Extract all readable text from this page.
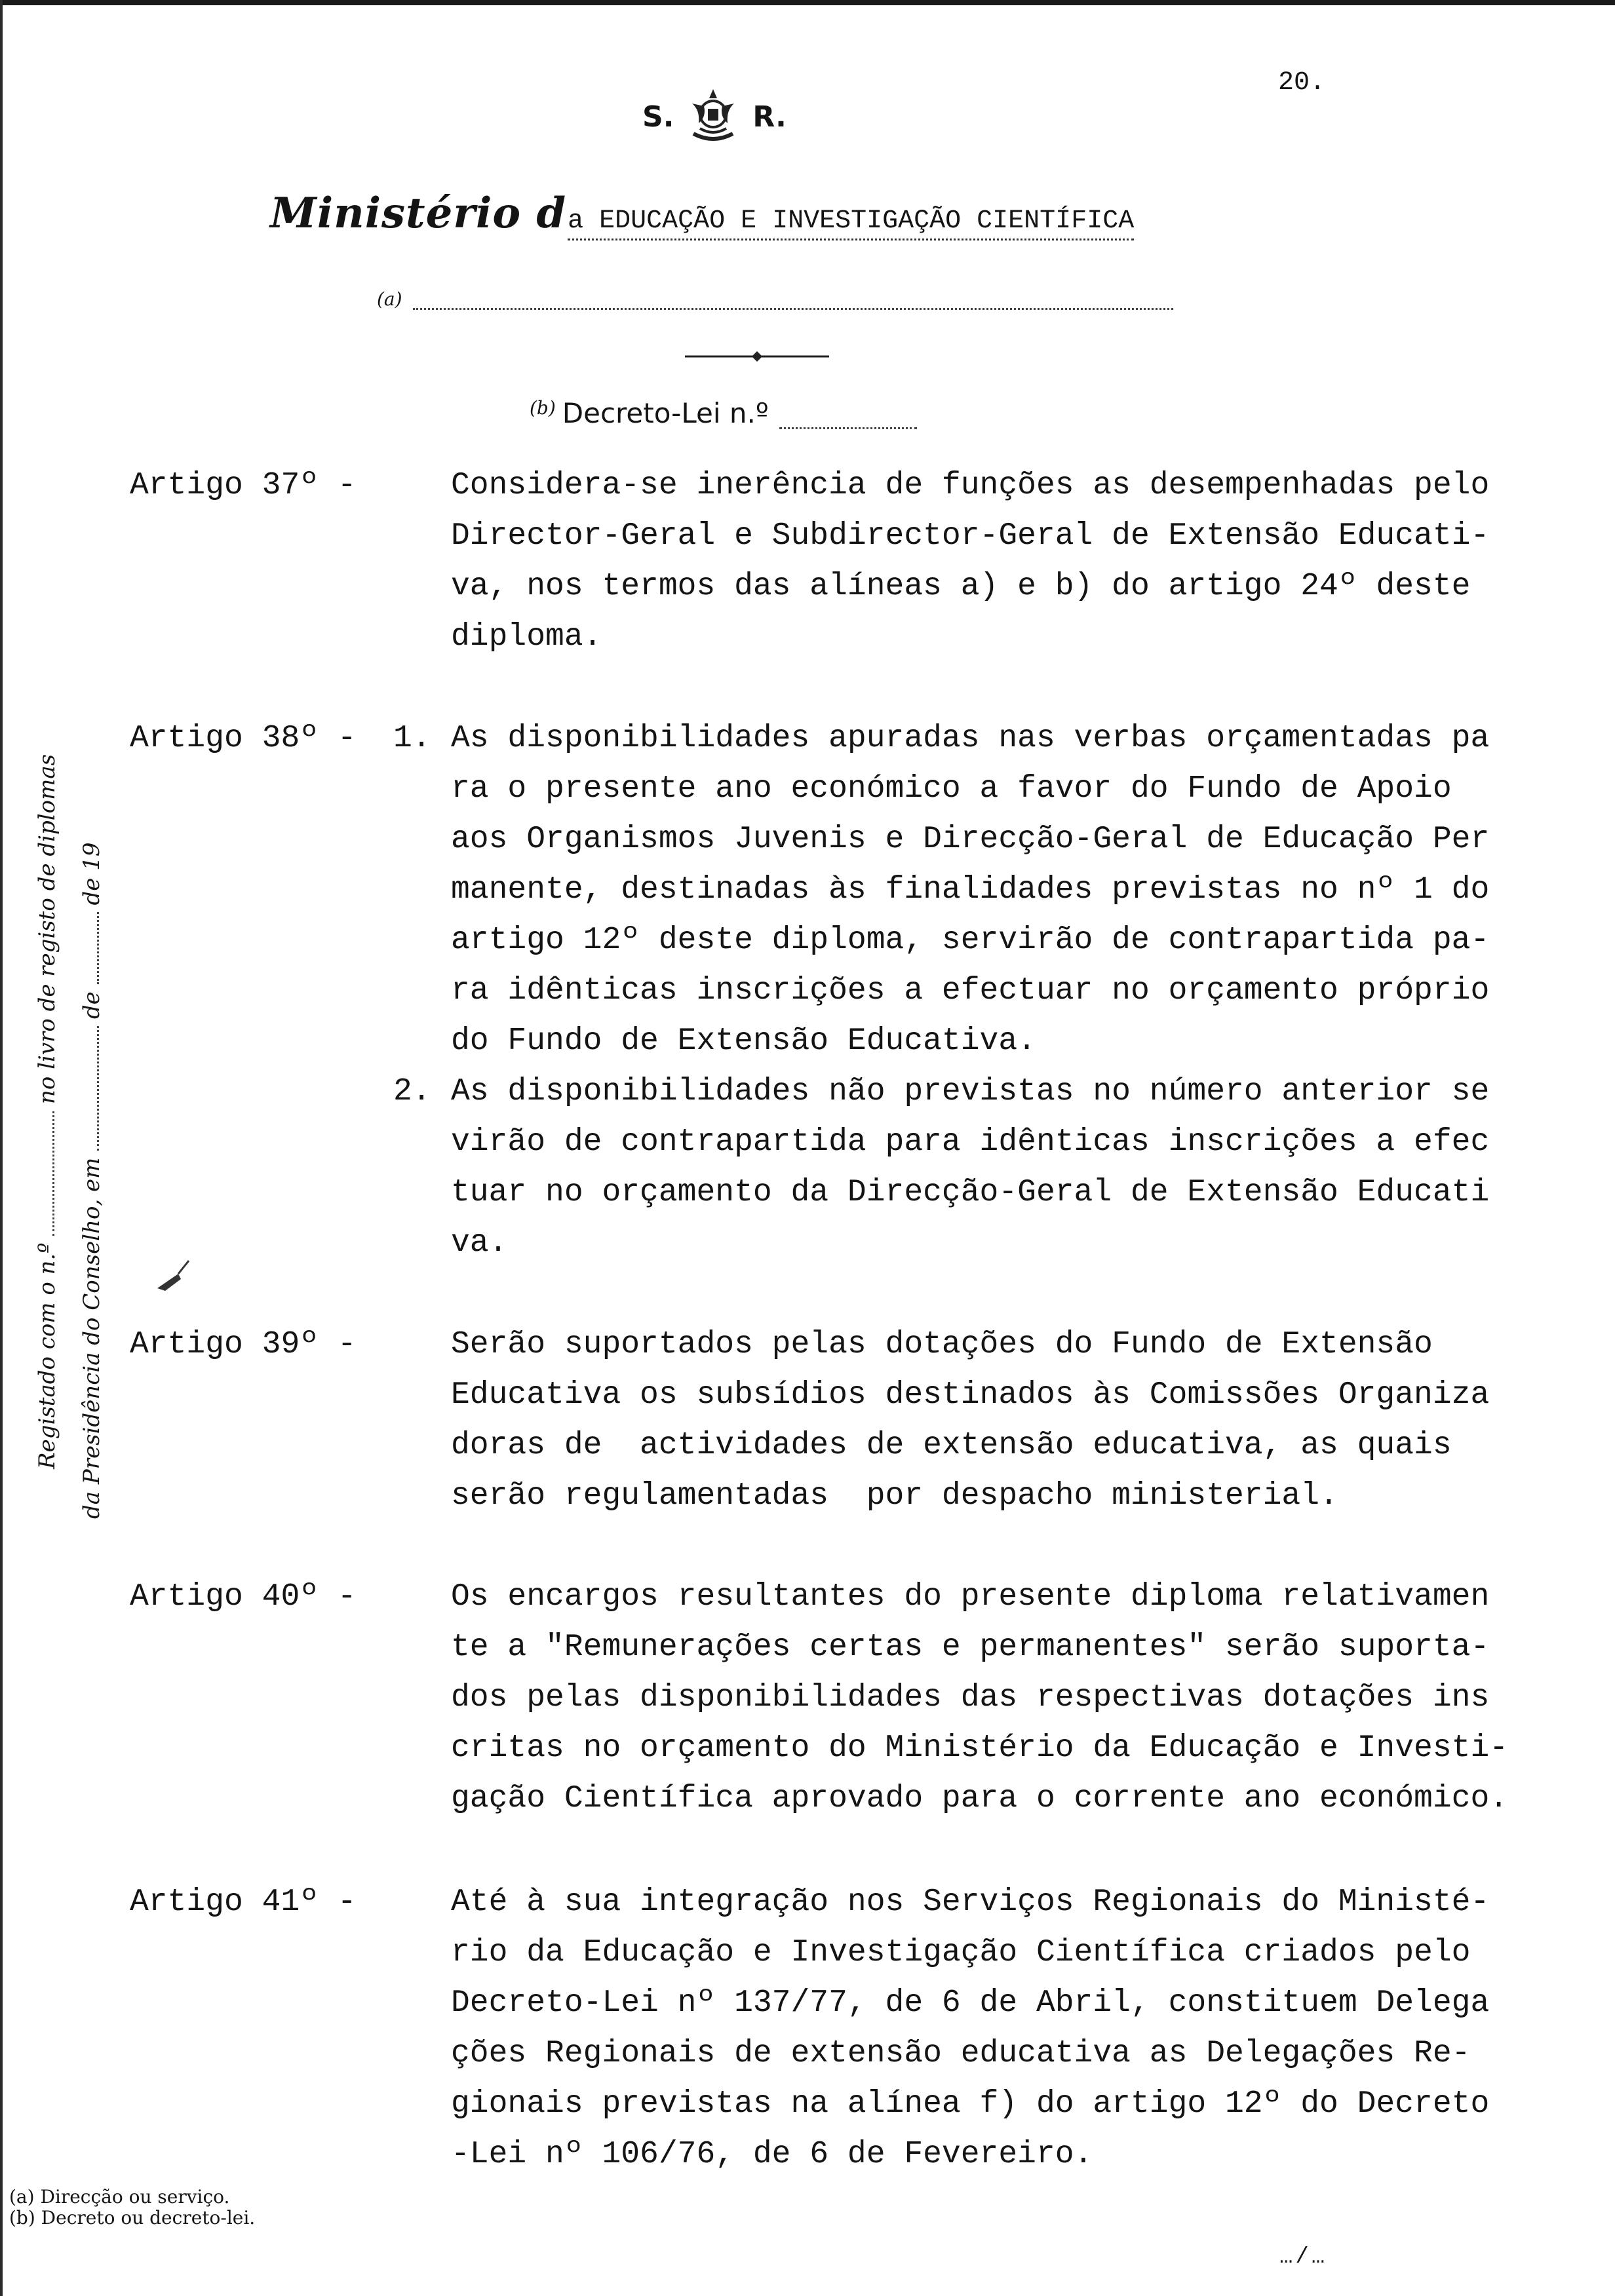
20.
S.	R.
Ministério d a EDUCAÇÃO E INVESTIGAÇÃO CIENTÍFICA
(a)
(b) Decreto-Lei n.º
Registado com o n.º  no livro de registo de diplomas
da Presidência do Conselho, em  de  de 19
Artigo 37º -	Considera-se inerência de funções as desempenhadas pelo
Director-Geral e Subdirector-Geral de Extensão Educati-
va, nos termos das alíneas a) e b) do artigo 24º deste
diploma.
Artigo 38º - 1. As disponibilidades apuradas nas verbas orçamentadas pa
ra o presente ano económico a favor do Fundo de Apoio
aos Organismos Juvenis e Direcção-Geral de Educação Per
manente, destinadas às finalidades previstas no nº 1 do
artigo 12º deste diploma, servirão de contrapartida pa-
ra idênticas inscrições a efectuar no orçamento próprio
do Fundo de Extensão Educativa.
2. As disponibilidades não previstas no número anterior se
virão de contrapartida para idênticas inscrições a efec
tuar no orçamento da Direcção-Geral de Extensão Educati
va.
Artigo 39º -	Serão suportados pelas dotações do Fundo de Extensão
Educativa os subsídios destinados às Comissões Organiza
doras de  actividades de extensão educativa, as quais
serão regulamentadas  por despacho ministerial.
Artigo 40º -	Os encargos resultantes do presente diploma relativamen
te a "Remunerações certas e permanentes" serão suporta-
dos pelas disponibilidades das respectivas dotações ins
critas no orçamento do Ministério da Educação e Investi-
gação Científica aprovado para o corrente ano económico.
Artigo 41º -	Até à sua integração nos Serviços Regionais do Ministé-
rio da Educação e Investigação Científica criados pelo
Decreto-Lei nº 137/77, de 6 de Abril, constituem Delega
ções Regionais de extensão educativa as Delegações Re-
gionais previstas na alínea f) do artigo 12º do Decreto
-Lei nº 106/76, de 6 de Fevereiro.
(a) Direcção ou serviço.
(b) Decreto ou decreto-lei.
…/…
